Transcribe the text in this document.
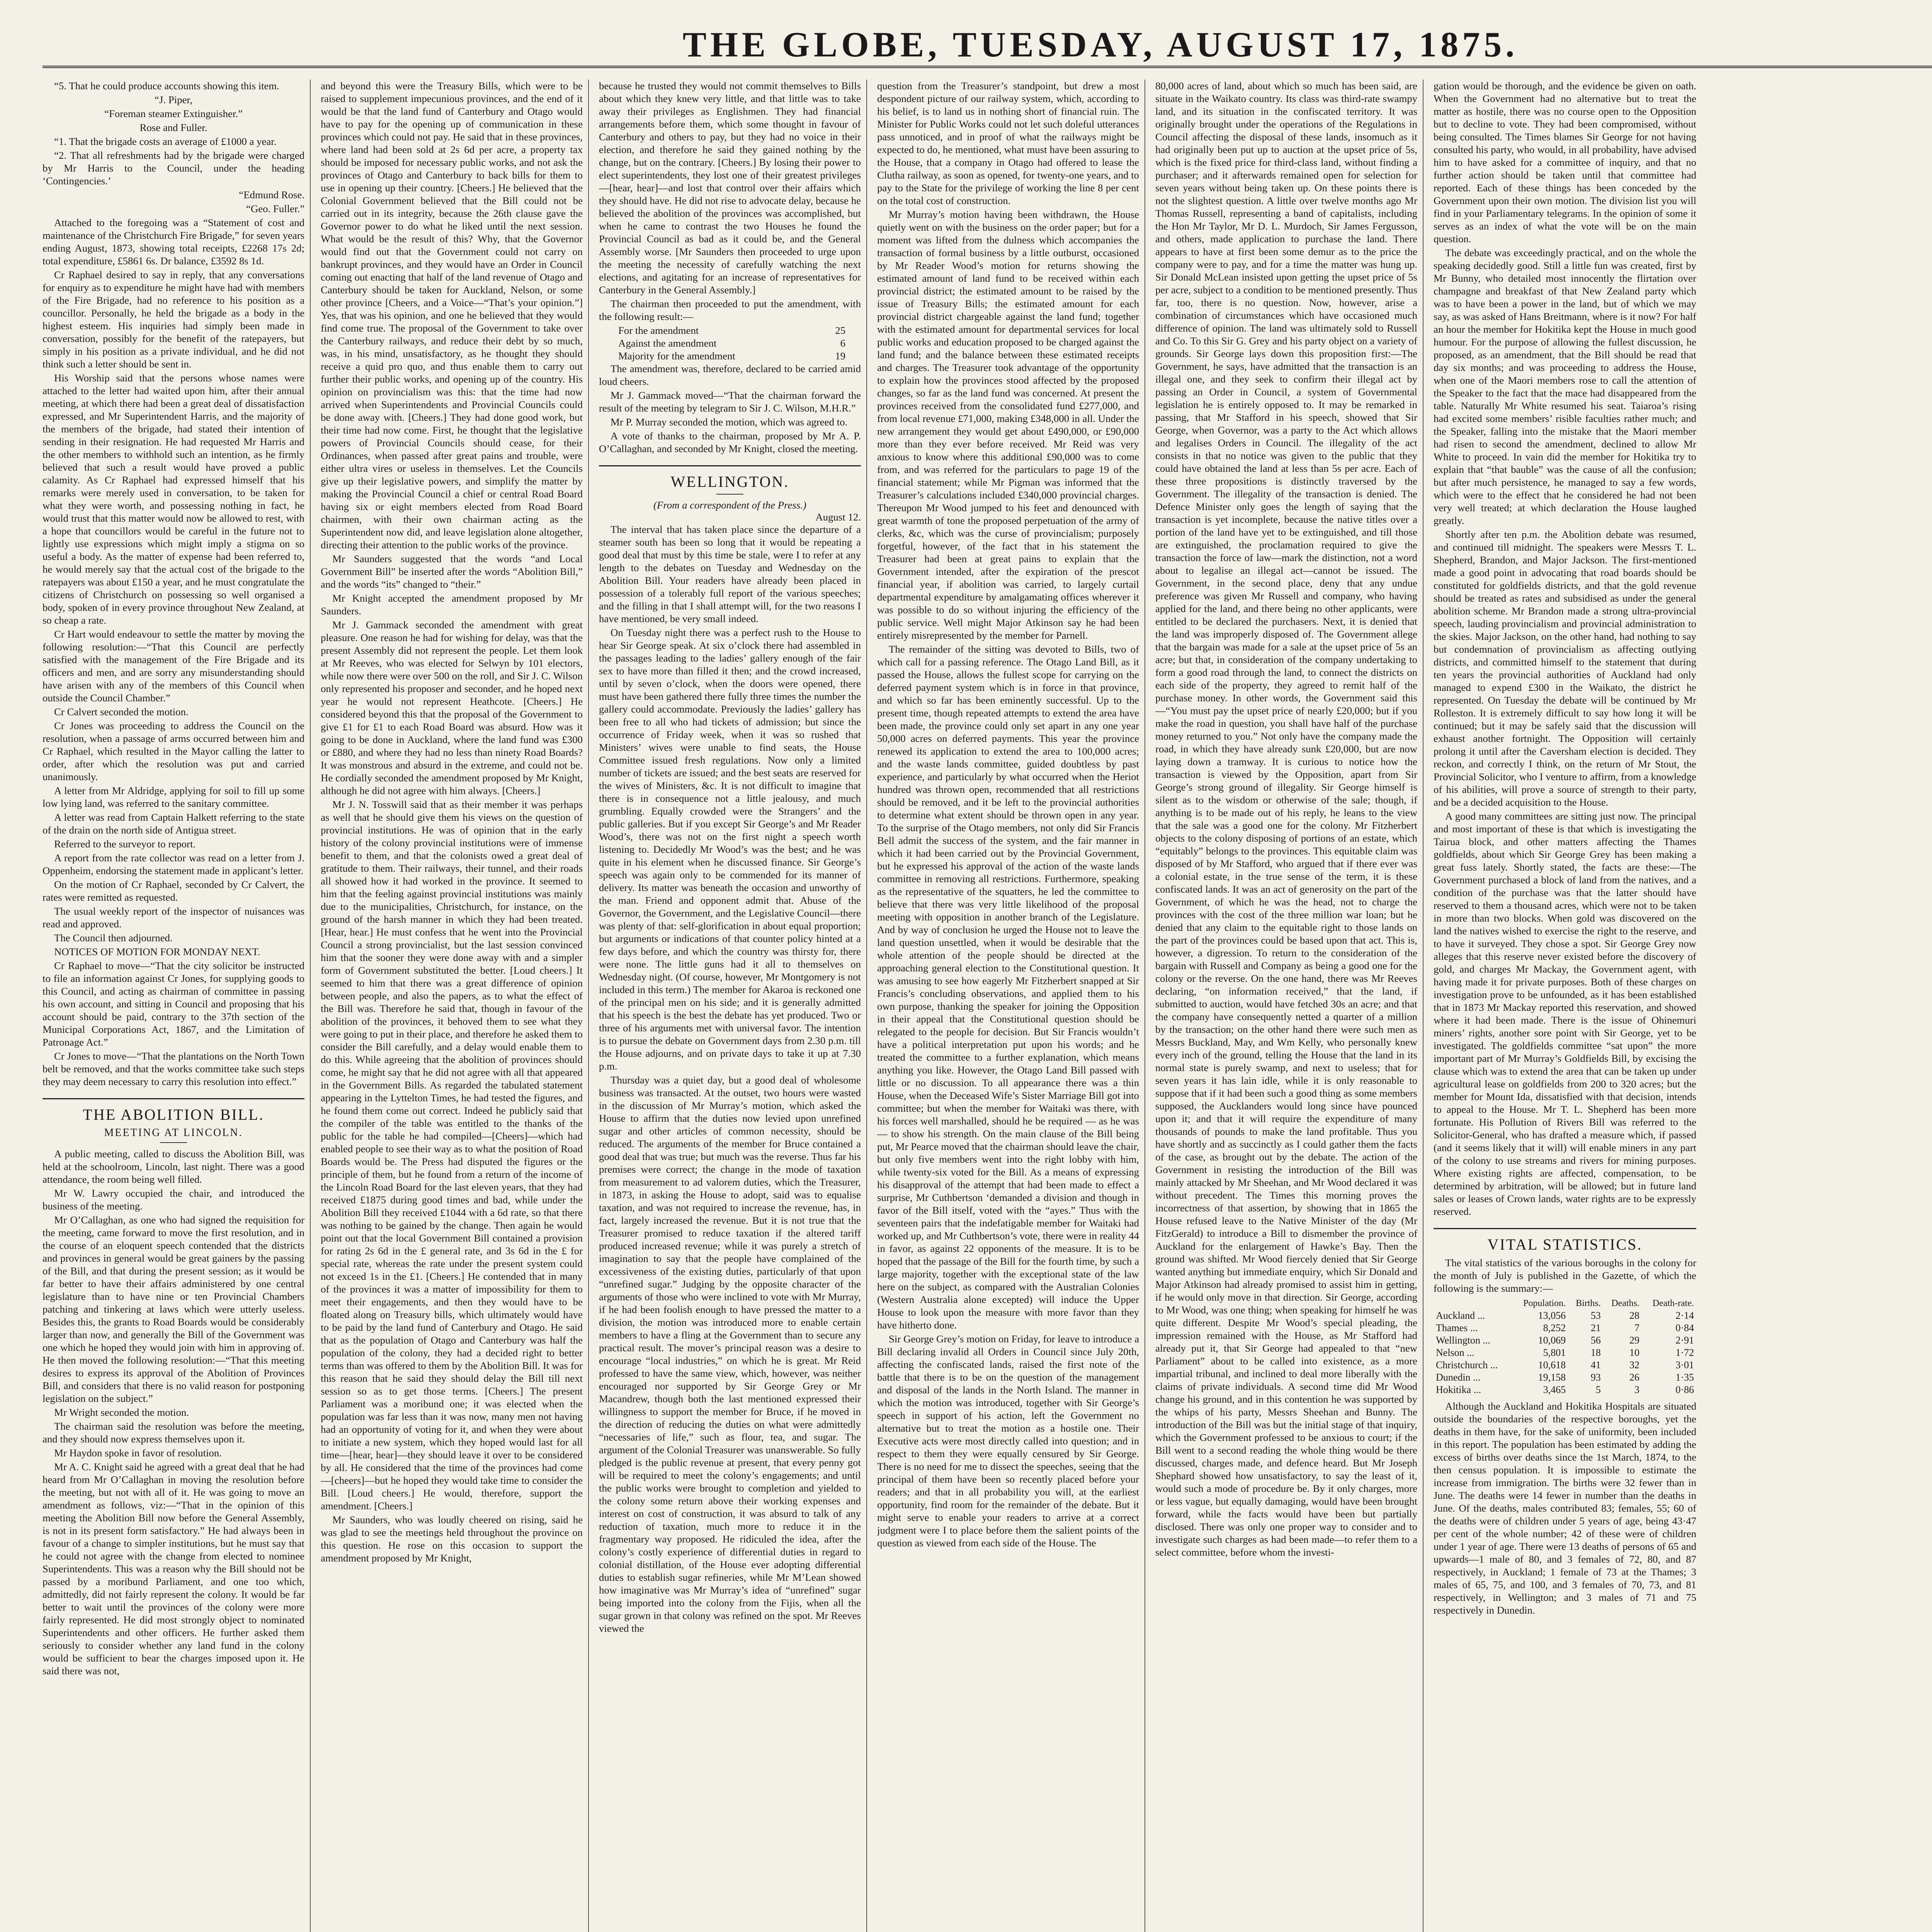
THE GLOBE, TUESDAY, AUGUST 17, 1875.

“5. That he could produce accounts showing this item.

“J. Piper,

“Foreman steamer Extinguisher.”

Rose and Fuller.

“1. That the brigade costs an average of £1000 a year.

“2. That all refreshments had by the brigade were charged by Mr Harris to the Council, under the heading ‘Contingencies.’

“Edmund Rose.

“Geo. Fuller.”

Attached to the foregoing was a “Statement of cost and maintenance of the Christchurch Fire Brigade,” for seven years ending August, 1873, showing total receipts, £2268 17s 2d; total expenditure, £5861 6s. Dr balance, £3592 8s 1d.

Cr Raphael desired to say in reply, that any conversations for enquiry as to expenditure he might have had with members of the Fire Brigade, had no reference to his position as a councillor. Personally, he held the brigade as a body in the highest esteem. His inquiries had simply been made in conversation, possibly for the benefit of the ratepayers, but simply in his position as a private individual, and he did not think such a letter should be sent in.

His Worship said that the persons whose names were attached to the letter had waited upon him, after their annual meeting, at which there had been a great deal of dissatisfaction expressed, and Mr Superintendent Harris, and the majority of the members of the brigade, had stated their intention of sending in their resignation. He had requested Mr Harris and the other members to withhold such an intention, as he firmly believed that such a result would have proved a public calamity. As Cr Raphael had expressed himself that his remarks were merely used in conversation, to be taken for what they were worth, and possessing nothing in fact, he would trust that this matter would now be allowed to rest, with a hope that councillors would be careful in the future not to lightly use expressions which might imply a stigma on so useful a body. As the matter of expense had been referred to, he would merely say that the actual cost of the brigade to the ratepayers was about £150 a year, and he must congratulate the citizens of Christchurch on possessing so well organised a body, spoken of in every province throughout New Zealand, at so cheap a rate.

Cr Hart would endeavour to settle the matter by moving the following resolution:—“That this Council are perfectly satisfied with the management of the Fire Brigade and its officers and men, and are sorry any misunderstanding should have arisen with any of the members of this Council when outside the Council Chamber.”

Cr Calvert seconded the motion.

Cr Jones was proceeding to address the Council on the resolution, when a passage of arms occurred between him and Cr Raphael, which resulted in the Mayor calling the latter to order, after which the resolution was put and carried unanimously.

A letter from Mr Aldridge, applying for soil to fill up some low lying land, was referred to the sanitary committee.

A letter was read from Captain Halkett referring to the state of the drain on the north side of Antigua street.

Referred to the surveyor to report.

A report from the rate collector was read on a letter from J. Oppenheim, endorsing the statement made in applicant’s letter.

On the motion of Cr Raphael, seconded by Cr Calvert, the rates were remitted as requested.

The usual weekly report of the inspector of nuisances was read and approved.

The Council then adjourned.

NOTICES OF MOTION FOR MONDAY NEXT.

Cr Raphael to move—“That the city solicitor be instructed to file an information against Cr Jones, for supplying goods to this Council, and acting as chairman of committee in passing his own account, and sitting in Council and proposing that his account should be paid, contrary to the 37th section of the Municipal Corporations Act, 1867, and the Limitation of Patronage Act.”

Cr Jones to move—“That the plantations on the North Town belt be removed, and that the works committee take such steps they may deem necessary to carry this resolution into effect.”

THE ABOLITION BILL.
MEETING AT LINCOLN.

A public meeting, called to discuss the Abolition Bill, was held at the schoolroom, Lincoln, last night. There was a good attendance, the room being well filled.

Mr W. Lawry occupied the chair, and introduced the business of the meeting.

Mr O’Callaghan, as one who had signed the requisition for the meeting, came forward to move the first resolution, and in the course of an eloquent speech contended that the districts and provinces in general would be great gainers by the passing of the Bill, and that during the present session; as it would be far better to have their affairs administered by one central legislature than to have nine or ten Provincial Chambers patching and tinkering at laws which were utterly useless. Besides this, the grants to Road Boards would be considerably larger than now, and generally the Bill of the Government was one which he hoped they would join with him in approving of. He then moved the following resolution:—“That this meeting desires to express its approval of the Abolition of Provinces Bill, and considers that there is no valid reason for postponing legislation on the subject.”

Mr Wright seconded the motion.

The chairman said the resolution was before the meeting, and they should now express themselves upon it.

Mr Haydon spoke in favor of resolution.

Mr A. C. Knight said he agreed with a great deal that he had heard from Mr O’Callaghan in moving the resolution before the meeting, but not with all of it. He was going to move an amendment as follows, viz:—“That in the opinion of this meeting the Abolition Bill now before the General Assembly, is not in its present form satisfactory.” He had always been in favour of a change to simpler institutions, but he must say that he could not agree with the change from elected to nominee Superintendents. This was a reason why the Bill should not be passed by a moribund Parliament, and one too which, admittedly, did not fairly represent the colony. It would be far better to wait until the provinces of the colony were more fairly represented. He did most strongly object to nominated Superintendents and other officers. He further asked them seriously to consider whether any land fund in the colony would be sufficient to bear the charges imposed upon it. He said there was not,

and beyond this were the Treasury Bills, which were to be raised to supplement impecunious provinces, and the end of it would be that the land fund of Canterbury and Otago would have to pay for the opening up of communication in these provinces which could not pay. He said that in these provinces, where land had been sold at 2s 6d per acre, a property tax should be imposed for necessary public works, and not ask the provinces of Otago and Canterbury to back bills for them to use in opening up their country. [Cheers.] He believed that the Colonial Government believed that the Bill could not be carried out in its integrity, because the 26th clause gave the Governor power to do what he liked until the next session. What would be the result of this? Why, that the Governor would find out that the Government could not carry on bankrupt provinces, and they would have an Order in Council coming out enacting that half of the land revenue of Otago and Canterbury should be taken for Auckland, Nelson, or some other province [Cheers, and a Voice—“That’s your opinion.”] Yes, that was his opinion, and one he believed that they would find come true. The proposal of the Government to take over the Canterbury railways, and reduce their debt by so much, was, in his mind, unsatisfactory, as he thought they should receive a quid pro quo, and thus enable them to carry out further their public works, and opening up of the country. His opinion on provincialism was this: that the time had now arrived when Superintendents and Provincial Councils could be done away with. [Cheers.] They had done good work, but their time had now come. First, he thought that the legislative powers of Provincial Councils should cease, for their Ordinances, when passed after great pains and trouble, were either ultra vires or useless in themselves. Let the Councils give up their legislative powers, and simplify the matter by making the Provincial Council a chief or central Road Board having six or eight members elected from Road Board chairmen, with their own chairman acting as the Superintendent now did, and leave legislation alone altogether, directing their attention to the public works of the province.

Mr Saunders suggested that the words “and Local Government Bill” be inserted after the words “Abolition Bill,” and the words “its” changed to “their.”

Mr Knight accepted the amendment proposed by Mr Saunders.

Mr J. Gammack seconded the amendment with great pleasure. One reason he had for wishing for delay, was that the present Assembly did not represent the people. Let them look at Mr Reeves, who was elected for Selwyn by 101 electors, while now there were over 500 on the roll, and Sir J. C. Wilson only represented his proposer and seconder, and he hoped next year he would not represent Heathcote. [Cheers.] He considered beyond this that the proposal of the Government to give £1 for £1 to each Road Board was absurd. How was it going to be done in Auckland, where the land fund was £300 or £880, and where they had no less than ninety Road Boards? It was monstrous and absurd in the extreme, and could not be. He cordially seconded the amendment proposed by Mr Knight, although he did not agree with him always. [Cheers.]

Mr J. N. Tosswill said that as their member it was perhaps as well that he should give them his views on the question of provincial institutions. He was of opinion that in the early history of the colony provincial institutions were of immense benefit to them, and that the colonists owed a great deal of gratitude to them. Their railways, their tunnel, and their roads all showed how it had worked in the province. It seemed to him that the feeling against provincial institutions was mainly due to the municipalities, Christchurch, for instance, on the ground of the harsh manner in which they had been treated. [Hear, hear.] He must confess that he went into the Provincial Council a strong provincialist, but the last session convinced him that the sooner they were done away with and a simpler form of Government substituted the better. [Loud cheers.] It seemed to him that there was a great difference of opinion between people, and also the papers, as to what the effect of the Bill was. Therefore he said that, though in favour of the abolition of the provinces, it behoved them to see what they were going to put in their place, and therefore he asked them to consider the Bill carefully, and a delay would enable them to do this. While agreeing that the abolition of provinces should come, he might say that he did not agree with all that appeared in the Government Bills. As regarded the tabulated statement appearing in the Lyttelton Times, he had tested the figures, and he found them come out correct. Indeed he publicly said that the compiler of the table was entitled to the thanks of the public for the table he had compiled—[Cheers]—which had enabled people to see their way as to what the position of Road Boards would be. The Press had disputed the figures or the principle of them, but he found from a return of the income of the Lincoln Road Board for the last eleven years, that they had received £1875 during good times and bad, while under the Abolition Bill they received £1044 with a 6d rate, so that there was nothing to be gained by the change. Then again he would point out that the local Government Bill contained a provision for rating 2s 6d in the £ general rate, and 3s 6d in the £ for special rate, whereas the rate under the present system could not exceed 1s in the £1. [Cheers.] He contended that in many of the provinces it was a matter of impossibility for them to meet their engagements, and then they would have to be floated along on Treasury bills, which ultimately would have to be paid by the land fund of Canterbury and Otago. He said that as the population of Otago and Canterbury was half the population of the colony, they had a decided right to better terms than was offered to them by the Abolition Bill. It was for this reason that he said they should delay the Bill till next session so as to get those terms. [Cheers.] The present Parliament was a moribund one; it was elected when the population was far less than it was now, many men not having had an opportunity of voting for it, and when they were about to initiate a new system, which they hoped would last for all time—[hear, hear]—they should leave it over to be considered by all. He considered that the time of the provinces had come—[cheers]—but he hoped they would take time to consider the Bill. [Loud cheers.] He would, therefore, support the amendment. [Cheers.]

Mr Saunders, who was loudly cheered on rising, said he was glad to see the meetings held throughout the province on this question. He rose on this occasion to support the amendment proposed by Mr Knight,

because he trusted they would not commit themselves to Bills about which they knew very little, and that little was to take away their privileges as Englishmen. They had financial arrangements before them, which some thought in favour of Canterbury and others to pay, but they had no voice in their election, and therefore he said they gained nothing by the change, but on the contrary. [Cheers.] By losing their power to elect superintendents, they lost one of their greatest privileges—[hear, hear]—and lost that control over their affairs which they should have. He did not rise to advocate delay, because he believed the abolition of the provinces was accomplished, but when he came to contrast the two Houses he found the Provincial Council as bad as it could be, and the General Assembly worse. [Mr Saunders then proceeded to urge upon the meeting the necessity of carefully watching the next elections, and agitating for an increase of representatives for Canterbury in the General Assembly.]

The chairman then proceeded to put the amendment, with the following result:—

For the amendment	25
Against the amendment	6
Majority for the amendment	19

The amendment was, therefore, declared to be carried amid loud cheers.

Mr J. Gammack moved—“That the chairman forward the result of the meeting by telegram to Sir J. C. Wilson, M.H.R.”

Mr P. Murray seconded the motion, which was agreed to.

A vote of thanks to the chairman, proposed by Mr A. P. O’Callaghan, and seconded by Mr Knight, closed the meeting.

WELLINGTON.
(From a correspondent of the Press.)
August 12.

The interval that has taken place since the departure of a steamer south has been so long that it would be repeating a good deal that must by this time be stale, were I to refer at any length to the debates on Tuesday and Wednesday on the Abolition Bill. Your readers have already been placed in possession of a tolerably full report of the various speeches; and the filling in that I shall attempt will, for the two reasons I have mentioned, be very small indeed.

On Tuesday night there was a perfect rush to the House to hear Sir George speak. At six o’clock there had assembled in the passages leading to the ladies’ gallery enough of the fair sex to have more than filled it then; and the crowd increased, until by seven o’clock, when the doors were opened, there must have been gathered there fully three times the number the gallery could accommodate. Previously the ladies’ gallery has been free to all who had tickets of admission; but since the occurrence of Friday week, when it was so rushed that Ministers’ wives were unable to find seats, the House Committee issued fresh regulations. Now only a limited number of tickets are issued; and the best seats are reserved for the wives of Ministers, &c. It is not difficult to imagine that there is in consequence not a little jealousy, and much grumbling. Equally crowded were the Strangers’ and the public galleries. But if you except Sir George’s and Mr Reader Wood’s, there was not on the first night a speech worth listening to. Decidedly Mr Wood’s was the best; and he was quite in his element when he discussed finance. Sir George’s speech was again only to be commended for its manner of delivery. Its matter was beneath the occasion and unworthy of the man. Friend and opponent admit that. Abuse of the Governor, the Government, and the Legislative Council—there was plenty of that: self-glorification in about equal proportion; but arguments or indications of that counter policy hinted at a few days before, and which the country was thirsty for, there were none. The little guns had it all to themselves on Wednesday night. (Of course, however, Mr Montgomery is not included in this term.) The member for Akaroa is reckoned one of the principal men on his side; and it is generally admitted that his speech is the best the debate has yet produced. Two or three of his arguments met with universal favor. The intention is to pursue the debate on Government days from 2.30 p.m. till the House adjourns, and on private days to take it up at 7.30 p.m.

Thursday was a quiet day, but a good deal of wholesome business was transacted. At the outset, two hours were wasted in the discussion of Mr Murray’s motion, which asked the House to affirm that the duties now levied upon unrefined sugar and other articles of common necessity, should be reduced. The arguments of the member for Bruce contained a good deal that was true; but much was the reverse. Thus far his premises were correct; the change in the mode of taxation from measurement to ad valorem duties, which the Treasurer, in 1873, in asking the House to adopt, said was to equalise taxation, and was not required to increase the revenue, has, in fact, largely increased the revenue. But it is not true that the Treasurer promised to reduce taxation if the altered tariff produced increased revenue; while it was purely a stretch of imagination to say that the people have complained of the excessiveness of the existing duties, particularly of that upon “unrefined sugar.” Judging by the opposite character of the arguments of those who were inclined to vote with Mr Murray, if he had been foolish enough to have pressed the matter to a division, the motion was introduced more to enable certain members to have a fling at the Government than to secure any practical result. The mover’s principal reason was a desire to encourage “local industries,” on which he is great. Mr Reid professed to have the same view, which, however, was neither encouraged nor supported by Sir George Grey or Mr Macandrew, though both the last mentioned expressed their willingness to support the member for Bruce, if he moved in the direction of reducing the duties on what were admittedly “necessaries of life,” such as flour, tea, and sugar. The argument of the Colonial Treasurer was unanswerable. So fully pledged is the public revenue at present, that every penny got will be required to meet the colony’s engagements; and until the public works were brought to completion and yielded to the colony some return above their working expenses and interest on cost of construction, it was absurd to talk of any reduction of taxation, much more to reduce it in the fragmentary way proposed. He ridiculed the idea, after the colony’s costly experience of differential duties in regard to colonial distillation, of the House ever adopting differential duties to establish sugar refineries, while Mr M’Lean showed how imaginative was Mr Murray’s idea of “unrefined” sugar being imported into the colony from the Fijis, when all the sugar grown in that colony was refined on the spot. Mr Reeves viewed the

question from the Treasurer’s standpoint, but drew a most despondent picture of our railway system, which, according to his belief, is to land us in nothing short of financial ruin. The Minister for Public Works could not let such doleful utterances pass unnoticed, and in proof of what the railways might be expected to do, he mentioned, what must have been assuring to the House, that a company in Otago had offered to lease the Clutha railway, as soon as opened, for twenty-one years, and to pay to the State for the privilege of working the line 8 per cent on the total cost of construction.

Mr Murray’s motion having been withdrawn, the House quietly went on with the business on the order paper; but for a moment was lifted from the dulness which accompanies the transaction of formal business by a little outburst, occasioned by Mr Reader Wood’s motion for returns showing the estimated amount of land fund to be received within each provincial district; the estimated amount to be raised by the issue of Treasury Bills; the estimated amount for each provincial district chargeable against the land fund; together with the estimated amount for departmental services for local public works and education proposed to be charged against the land fund; and the balance between these estimated receipts and charges. The Treasurer took advantage of the opportunity to explain how the provinces stood affected by the proposed changes, so far as the land fund was concerned. At present the provinces received from the consolidated fund £277,000, and from local revenue £71,000, making £348,000 in all. Under the new arrangement they would get about £490,000, or £90,000 more than they ever before received. Mr Reid was very anxious to know where this additional £90,000 was to come from, and was referred for the particulars to page 19 of the financial statement; while Mr Pigman was informed that the Treasurer’s calculations included £340,000 provincial charges. Thereupon Mr Wood jumped to his feet and denounced with great warmth of tone the proposed perpetuation of the army of clerks, &c, which was the curse of provincialism; purposely forgetful, however, of the fact that in his statement the Treasurer had been at great pains to explain that the Government intended, after the expiration of the prescot financial year, if abolition was carried, to largely curtail departmental expenditure by amalgamating offices wherever it was possible to do so without injuring the efficiency of the public service. Well might Major Atkinson say he had been entirely misrepresented by the member for Parnell.

The remainder of the sitting was devoted to Bills, two of which call for a passing reference. The Otago Land Bill, as it passed the House, allows the fullest scope for carrying on the deferred payment system which is in force in that province, and which so far has been eminently successful. Up to the present time, though repeated attempts to extend the area have been made, the province could only set apart in any one year 50,000 acres on deferred payments. This year the province renewed its application to extend the area to 100,000 acres; and the waste lands committee, guided doubtless by past experience, and particularly by what occurred when the Heriot hundred was thrown open, recommended that all restrictions should be removed, and it be left to the provincial authorities to determine what extent should be thrown open in any year. To the surprise of the Otago members, not only did Sir Francis Bell admit the success of the system, and the fair manner in which it had been carried out by the Provincial Government, but he expressed his approval of the action of the waste lands committee in removing all restrictions. Furthermore, speaking as the representative of the squatters, he led the committee to believe that there was very little likelihood of the proposal meeting with opposition in another branch of the Legislature. And by way of conclusion he urged the House not to leave the land question unsettled, when it would be desirable that the whole attention of the people should be directed at the approaching general election to the Constitutional question. It was amusing to see how eagerly Mr Fitzherbert snapped at Sir Francis’s concluding observations, and applied them to his own purpose, thanking the speaker for joining the Opposition in their appeal that the Constitutional question should be relegated to the people for decision. But Sir Francis wouldn’t have a political interpretation put upon his words; and he treated the committee to a further explanation, which means anything you like. However, the Otago Land Bill passed with little or no discussion. To all appearance there was a thin House, when the Deceased Wife’s Sister Marriage Bill got into committee; but when the member for Waitaki was there, with his forces well marshalled, should he be required — as he was — to show his strength. On the main clause of the Bill being put, Mr Pearce moved that the chairman should leave the chair, but only five members went into the right lobby with him, while twenty-six voted for the Bill. As a means of expressing his disapproval of the attempt that had been made to effect a surprise, Mr Cuthbertson ‘demanded a division and though in favor of the Bill itself, voted with the “ayes.” Thus with the seventeen pairs that the indefatigable member for Waitaki had worked up, and Mr Cuthbertson’s vote, there were in reality 44 in favor, as against 22 opponents of the measure. It is to be hoped that the passage of the Bill for the fourth time, by such a large majority, together with the exceptional state of the law here on the subject, as compared with the Australian Colonies (Western Australia alone excepted) will induce the Upper House to look upon the measure with more favor than they have hitherto done.

Sir George Grey’s motion on Friday, for leave to introduce a Bill declaring invalid all Orders in Council since July 20th, affecting the confiscated lands, raised the first note of the battle that there is to be on the question of the management and disposal of the lands in the North Island. The manner in which the motion was introduced, together with Sir George’s speech in support of his action, left the Government no alternative but to treat the motion as a hostile one. Their Executive acts were most directly called into question; and in respect to them they were equally censured by Sir George. There is no need for me to dissect the speeches, seeing that the principal of them have been so recently placed before your readers; and that in all probability you will, at the earliest opportunity, find room for the remainder of the debate. But it might serve to enable your readers to arrive at a correct judgment were I to place before them the salient points of the question as viewed from each side of the House. The

80,000 acres of land, about which so much has been said, are situate in the Waikato country. Its class was third-rate swampy land, and its situation in the confiscated territory. It was originally brought under the operations of the Regulations in Council affecting the disposal of these lands, insomuch as it had originally been put up to auction at the upset price of 5s, which is the fixed price for third-class land, without finding a purchaser; and it afterwards remained open for selection for seven years without being taken up. On these points there is not the slightest question. A little over twelve months ago Mr Thomas Russell, representing a band of capitalists, including the Hon Mr Taylor, Mr D. L. Murdoch, Sir James Fergusson, and others, made application to purchase the land. There appears to have at first been some demur as to the price the company were to pay, and for a time the matter was hung up. Sir Donald McLean insisted upon getting the upset price of 5s per acre, subject to a condition to be mentioned presently. Thus far, too, there is no question. Now, however, arise a combination of circumstances which have occasioned much difference of opinion. The land was ultimately sold to Russell and Co. To this Sir G. Grey and his party object on a variety of grounds. Sir George lays down this proposition first:—The Government, he says, have admitted that the transaction is an illegal one, and they seek to confirm their illegal act by passing an Order in Council, a system of Governmental legislation he is entirely opposed to. It may be remarked in passing, that Mr Stafford in his speech, showed that Sir George, when Governor, was a party to the Act which allows and legalises Orders in Council. The illegality of the act consists in that no notice was given to the public that they could have obtained the land at less than 5s per acre. Each of these three propositions is distinctly traversed by the Government. The illegality of the transaction is denied. The Defence Minister only goes the length of saying that the transaction is yet incomplete, because the native titles over a portion of the land have yet to be extinguished, and till those are extinguished, the proclamation required to give the transaction the force of law—mark the distinction, not a word about to legalise an illegal act—cannot be issued. The Government, in the second place, deny that any undue preference was given Mr Russell and company, who having applied for the land, and there being no other applicants, were entitled to be declared the purchasers. Next, it is denied that the land was improperly disposed of. The Government allege that the bargain was made for a sale at the upset price of 5s an acre; but that, in consideration of the company undertaking to form a good road through the land, to connect the districts on each side of the property, they agreed to remit half of the purchase money. In other words, the Government said this—“You must pay the upset price of nearly £20,000; but if you make the road in question, you shall have half of the purchase money returned to you.” Not only have the company made the road, in which they have already sunk £20,000, but are now laying down a tramway. It is curious to notice how the transaction is viewed by the Opposition, apart from Sir George’s strong ground of illegality. Sir George himself is silent as to the wisdom or otherwise of the sale; though, if anything is to be made out of his reply, he leans to the view that the sale was a good one for the colony. Mr Fitzherbert objects to the colony disposing of portions of an estate, which “equitably” belongs to the provinces. This equitable claim was disposed of by Mr Stafford, who argued that if there ever was a colonial estate, in the true sense of the term, it is these confiscated lands. It was an act of generosity on the part of the Government, of which he was the head, not to charge the provinces with the cost of the three million war loan; but he denied that any claim to the equitable right to those lands on the part of the provinces could be based upon that act. This is, however, a digression. To return to the consideration of the bargain with Russell and Company as being a good one for the colony or the reverse. On the one hand, there was Mr Reeves declaring, “on information received,” that the land, if submitted to auction, would have fetched 30s an acre; and that the company have consequently netted a quarter of a million by the transaction; on the other hand there were such men as Messrs Buckland, May, and Wm Kelly, who personally knew every inch of the ground, telling the House that the land in its normal state is purely swamp, and next to useless; that for seven years it has lain idle, while it is only reasonable to suppose that if it had been such a good thing as some members supposed, the Aucklanders would long since have pounced upon it; and that it will require the expenditure of many thousands of pounds to make the land profitable. Thus you have shortly and as succinctly as I could gather them the facts of the case, as brought out by the debate. The action of the Government in resisting the introduction of the Bill was mainly attacked by Mr Sheehan, and Mr Wood declared it was without precedent. The Times this morning proves the incorrectness of that assertion, by showing that in 1865 the House refused leave to the Native Minister of the day (Mr FitzGerald) to introduce a Bill to dismember the province of Auckland for the enlargement of Hawke’s Bay. Then the ground was shifted. Mr Wood fiercely denied that Sir George wanted anything but immediate enquiry, which Sir Donald and Major Atkinson had already promised to assist him in getting, if he would only move in that direction. Sir George, according to Mr Wood, was one thing; when speaking for himself he was quite different. Despite Mr Wood’s special pleading, the impression remained with the House, as Mr Stafford had already put it, that Sir George had appealed to that “new Parliament” about to be called into existence, as a more impartial tribunal, and inclined to deal more liberally with the claims of private individuals. A second time did Mr Wood change his ground, and in this contention he was supported by the whips of his party, Messrs Sheehan and Bunny. The introduction of the Bill was but the initial stage of that inquiry, which the Government professed to be anxious to court; if the Bill went to a second reading the whole thing would be there discussed, charges made, and defence heard. But Mr Joseph Shephard showed how unsatisfactory, to say the least of it, would such a mode of procedure be. By it only charges, more or less vague, but equally damaging, would have been brought forward, while the facts would have been but partially disclosed. There was only one proper way to consider and to investigate such charges as had been made—to refer them to a select committee, before whom the investi-

gation would be thorough, and the evidence be given on oath. When the Government had no alternative but to treat the matter as hostile, there was no course open to the Opposition but to decline to vote. They had been compromised, without being consulted. The Times blames Sir George for not having consulted his party, who would, in all probability, have advised him to have asked for a committee of inquiry, and that no further action should be taken until that committee had reported. Each of these things has been conceded by the Government upon their own motion. The division list you will find in your Parliamentary telegrams. In the opinion of some it serves as an index of what the vote will be on the main question.

The debate was exceedingly practical, and on the whole the speaking decidedly good. Still a little fun was created, first by Mr Bunny, who detailed most innocently the flirtation over champagne and breakfast of that New Zealand party which was to have been a power in the land, but of which we may say, as was asked of Hans Breitmann, where is it now? For half an hour the member for Hokitika kept the House in much good humour. For the purpose of allowing the fullest discussion, he proposed, as an amendment, that the Bill should be read that day six months; and was proceeding to address the House, when one of the Maori members rose to call the attention of the Speaker to the fact that the mace had disappeared from the table. Naturally Mr White resumed his seat. Taiaroa’s rising had excited some members’ risible faculties rather much; and the Speaker, falling into the mistake that the Maori member had risen to second the amendment, declined to allow Mr White to proceed. In vain did the member for Hokitika try to explain that “that bauble” was the cause of all the confusion; but after much persistence, he managed to say a few words, which were to the effect that he considered he had not been very well treated; at which declaration the House laughed greatly.

Shortly after ten p.m. the Abolition debate was resumed, and continued till midnight. The speakers were Messrs T. L. Shepherd, Brandon, and Major Jackson. The first-mentioned made a good point in advocating that road boards should be constituted for goldfields districts, and that the gold revenue should be treated as rates and subsidised as under the general abolition scheme. Mr Brandon made a strong ultra-provincial speech, lauding provincialism and provincial administration to the skies. Major Jackson, on the other hand, had nothing to say but condemnation of provincialism as affecting outlying districts, and committed himself to the statement that during ten years the provincial authorities of Auckland had only managed to expend £300 in the Waikato, the district he represented. On Tuesday the debate will be continued by Mr Rolleston. It is extremely difficult to say how long it will be continued; but it may be safely said that the discussion will exhaust another fortnight. The Opposition will certainly prolong it until after the Caversham election is decided. They reckon, and correctly I think, on the return of Mr Stout, the Provincial Solicitor, who I venture to affirm, from a knowledge of his abilities, will prove a source of strength to their party, and be a decided acquisition to the House.

A good many committees are sitting just now. The principal and most important of these is that which is investigating the Tairua block, and other matters affecting the Thames goldfields, about which Sir George Grey has been making a great fuss lately. Shortly stated, the facts are these:—The Government purchased a block of land from the natives, and a condition of the purchase was that the latter should have reserved to them a thousand acres, which were not to be taken in more than two blocks. When gold was discovered on the land the natives wished to exercise the right to the reserve, and to have it surveyed. They chose a spot. Sir George Grey now alleges that this reserve never existed before the discovery of gold, and charges Mr Mackay, the Government agent, with having made it for private purposes. Both of these charges on investigation prove to be unfounded, as it has been established that in 1873 Mr Mackay reported this reservation, and showed where it had been made. There is the issue of Ohinemuri miners’ rights, another sore point with Sir George, yet to be investigated. The goldfields committee “sat upon” the more important part of Mr Murray’s Goldfields Bill, by excising the clause which was to extend the area that can be taken up under agricultural lease on goldfields from 200 to 320 acres; but the member for Mount Ida, dissatisfied with that decision, intends to appeal to the House. Mr T. L. Shepherd has been more fortunate. His Pollution of Rivers Bill was referred to the Solicitor-General, who has drafted a measure which, if passed (and it seems likely that it will) will enable miners in any part of the colony to use streams and rivers for mining purposes. Where existing rights are affected, compensation, to be determined by arbitration, will be allowed; but in future land sales or leases of Crown lands, water rights are to be expressly reserved.

VITAL STATISTICS.

The vital statistics of the various boroughs in the colony for the month of July is published in the Gazette, of which the following is the summary:—

	Population.	Births.	Deaths.	Death-rate.
Auckland ...	13,056	53	28	2·14
Thames ...	8,252	21	7	0·84
Wellington ...	10,069	56	29	2·91
Nelson ...	5,801	18	10	1·72
Christchurch ...	10,618	41	32	3·01
Dunedin ...	19,158	93	26	1·35
Hokitika ...	3,465	5	3	0·86

Although the Auckland and Hokitika Hospitals are situated outside the boundaries of the respective boroughs, yet the deaths in them have, for the sake of uniformity, been included in this report. The population has been estimated by adding the excess of births over deaths since the 1st March, 1874, to the then census population. It is impossible to estimate the increase from immigration. The births were 32 fewer than in June. The deaths were 14 fewer in number than the deaths in June. Of the deaths, males contributed 83; females, 55; 60 of the deaths were of children under 5 years of age, being 43·47 per cent of the whole number; 42 of these were of children under 1 year of age. There were 13 deaths of persons of 65 and upwards—1 male of 80, and 3 females of 72, 80, and 87 respectively, in Auckland; 1 female of 73 at the Thames; 3 males of 65, 75, and 100, and 3 females of 70, 73, and 81 respectively, in Wellington; and 3 males of 71 and 75 respectively in Dunedin.
